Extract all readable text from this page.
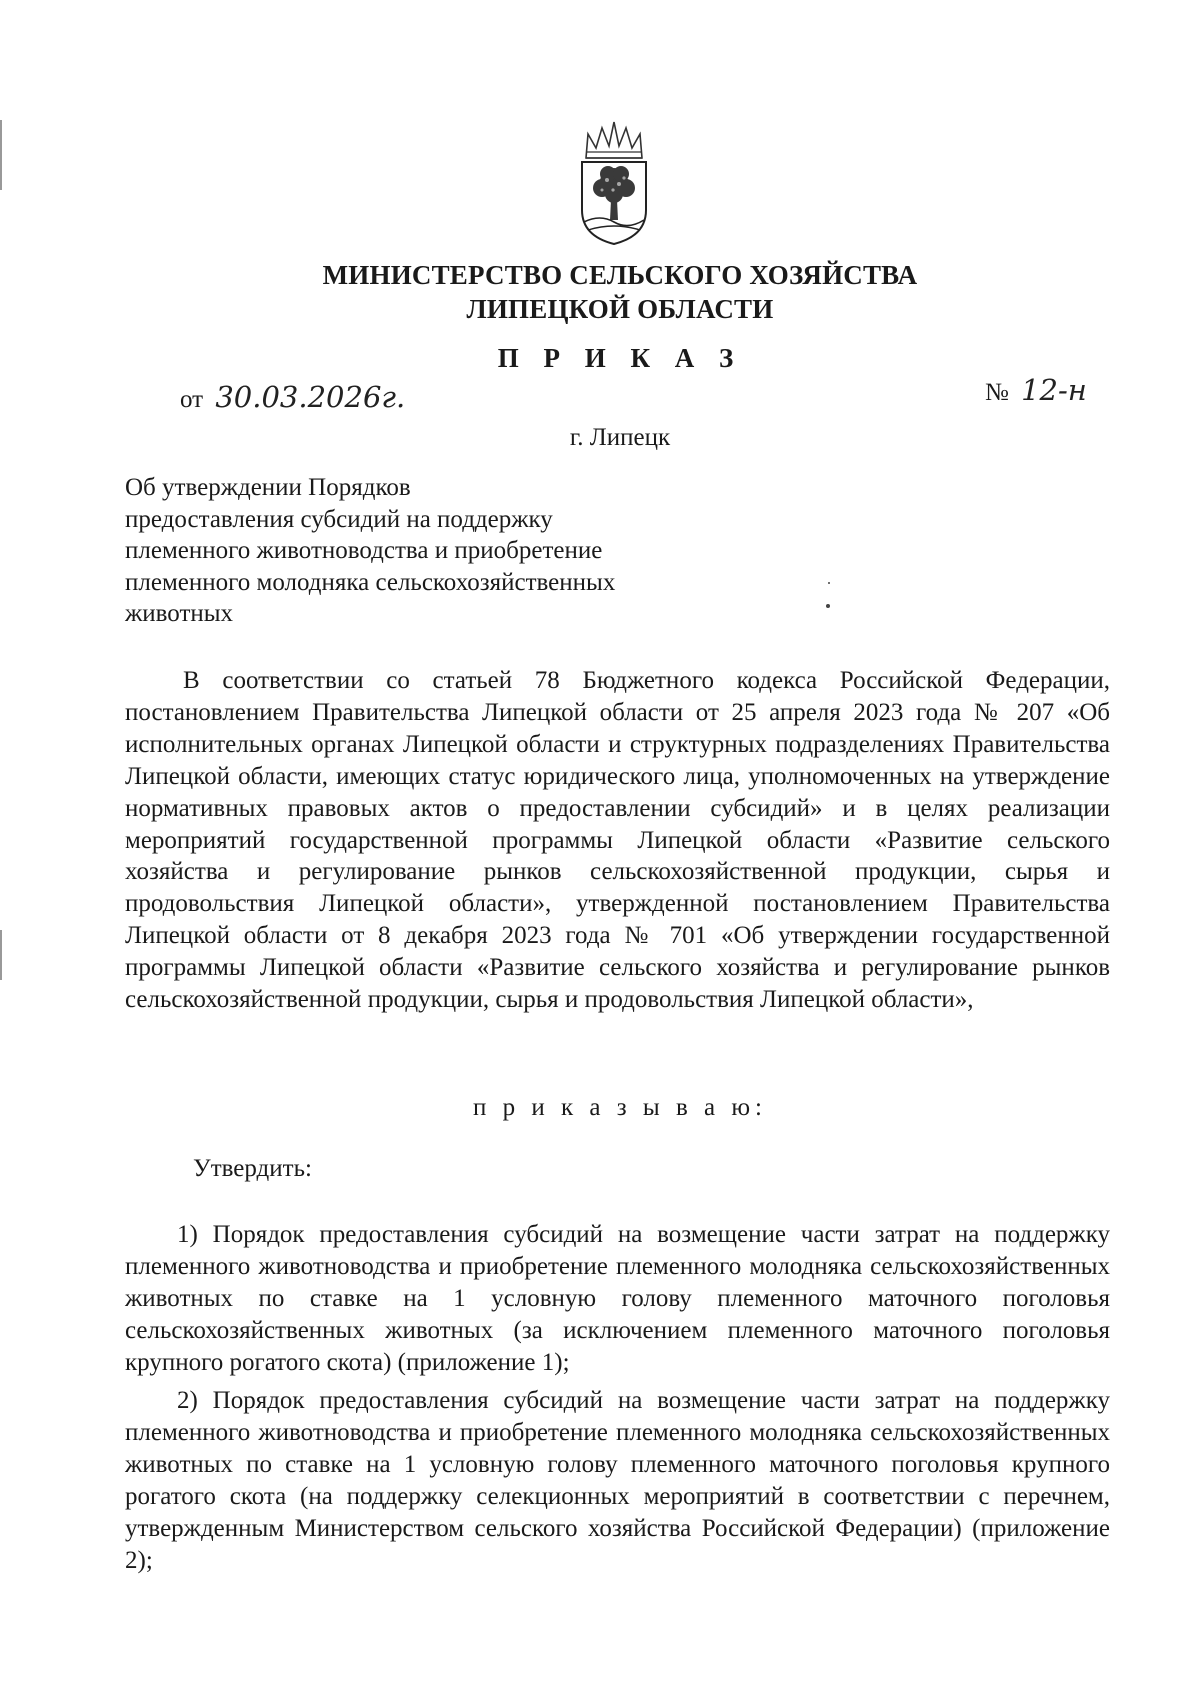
МИНИСТЕРСТВО СЕЛЬСКОГО ХОЗЯЙСТВА
ЛИПЕЦКОЙ ОБЛАСТИ
П Р И К А З
от 30.03.2026г.	№ 12-н
г. Липецк
Об утверждении Порядков
предоставления субсидий на поддержку
племенного животноводства и приобретение
племенного молодняка сельскохозяйственных
животных

В соответствии со статьей 78 Бюджетного кодекса Российской Федерации, постановлением Правительства Липецкой области от 25 апреля 2023 года № 207 «Об исполнительных органах Липецкой области и структурных подразделениях Правительства Липецкой области, имеющих статус юридического лица, уполномоченных на утверждение нормативных правовых актов о предоставлении субсидий» и в целях реализации мероприятий государственной программы Липецкой области «Развитие сельского хозяйства и регулирование рынков сельскохозяйственной продукции, сырья и продовольствия Липецкой области», утвержденной постановлением Правительства Липецкой области от 8 декабря 2023 года № 701 «Об утверждении государственной программы Липецкой области «Развитие сельского хозяйства и регулирование рынков сельскохозяйственной продукции, сырья и продовольствия Липецкой области»,

п р и к а з ы в а ю:
Утвердить:

1) Порядок предоставления субсидий на возмещение части затрат на поддержку племенного животноводства и приобретение племенного молодняка сельскохозяйственных животных по ставке на 1 условную голову племенного маточного поголовья сельскохозяйственных животных (за исключением племенного маточного поголовья крупного рогатого скота) (приложение 1);

2) Порядок предоставления субсидий на возмещение части затрат на поддержку племенного животноводства и приобретение племенного молодняка сельскохозяйственных животных по ставке на 1 условную голову племенного маточного поголовья крупного рогатого скота (на поддержку селекционных мероприятий в соответствии с перечнем, утвержденным Министерством сельского хозяйства Российской Федерации) (приложение 2);
